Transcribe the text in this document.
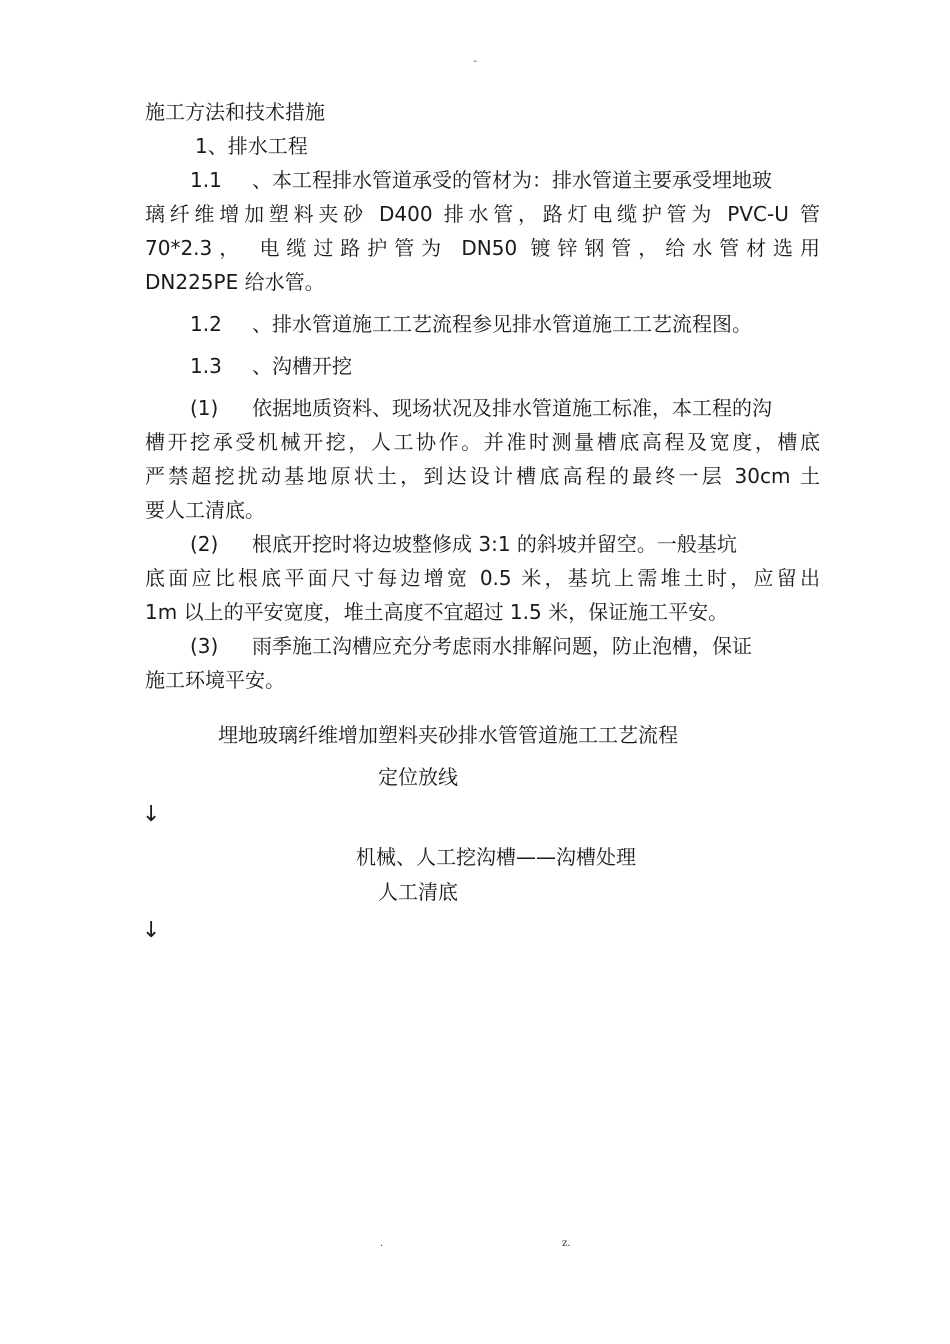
-

施工方法和技术措施

1、排水工程

1.1 、本工程排水管道承受的管材为：排水管道主要承受埋地玻

璃纤维增加塑料夹砂 D400 排水管，路灯电缆护管为 PVC-U 管

70*2.3， 电缆过路护管为 DN50 镀锌钢管，给水管材选用

DN225PE 给水管。

1.2 、排水管道施工工艺流程参见排水管道施工工艺流程图。

1.3 、沟槽开挖

(1) 依据地质资料、现场状况及排水管道施工标准，本工程的沟

槽开挖承受机械开挖，人工协作。并准时测量槽底高程及宽度，槽底

严禁超挖扰动基地原状土，到达设计槽底高程的最终一层 30cm 土

要人工清底。

(2) 根底开挖时将边坡整修成 3:1 的斜坡并留空。一般基坑

底面应比根底平面尺寸每边增宽 0.5 米，基坑上需堆土时，应留出

1m 以上的平安宽度，堆土高度不宜超过 1.5 米，保证施工平安。

(3) 雨季施工沟槽应充分考虑雨水排解问题，防止泡槽，保证

施工环境平安。

埋地玻璃纤维增加塑料夹砂排水管管道施工工艺流程
定位放线
↓
机械、人工挖沟槽——沟槽处理
人工清底
↓
.	z.
